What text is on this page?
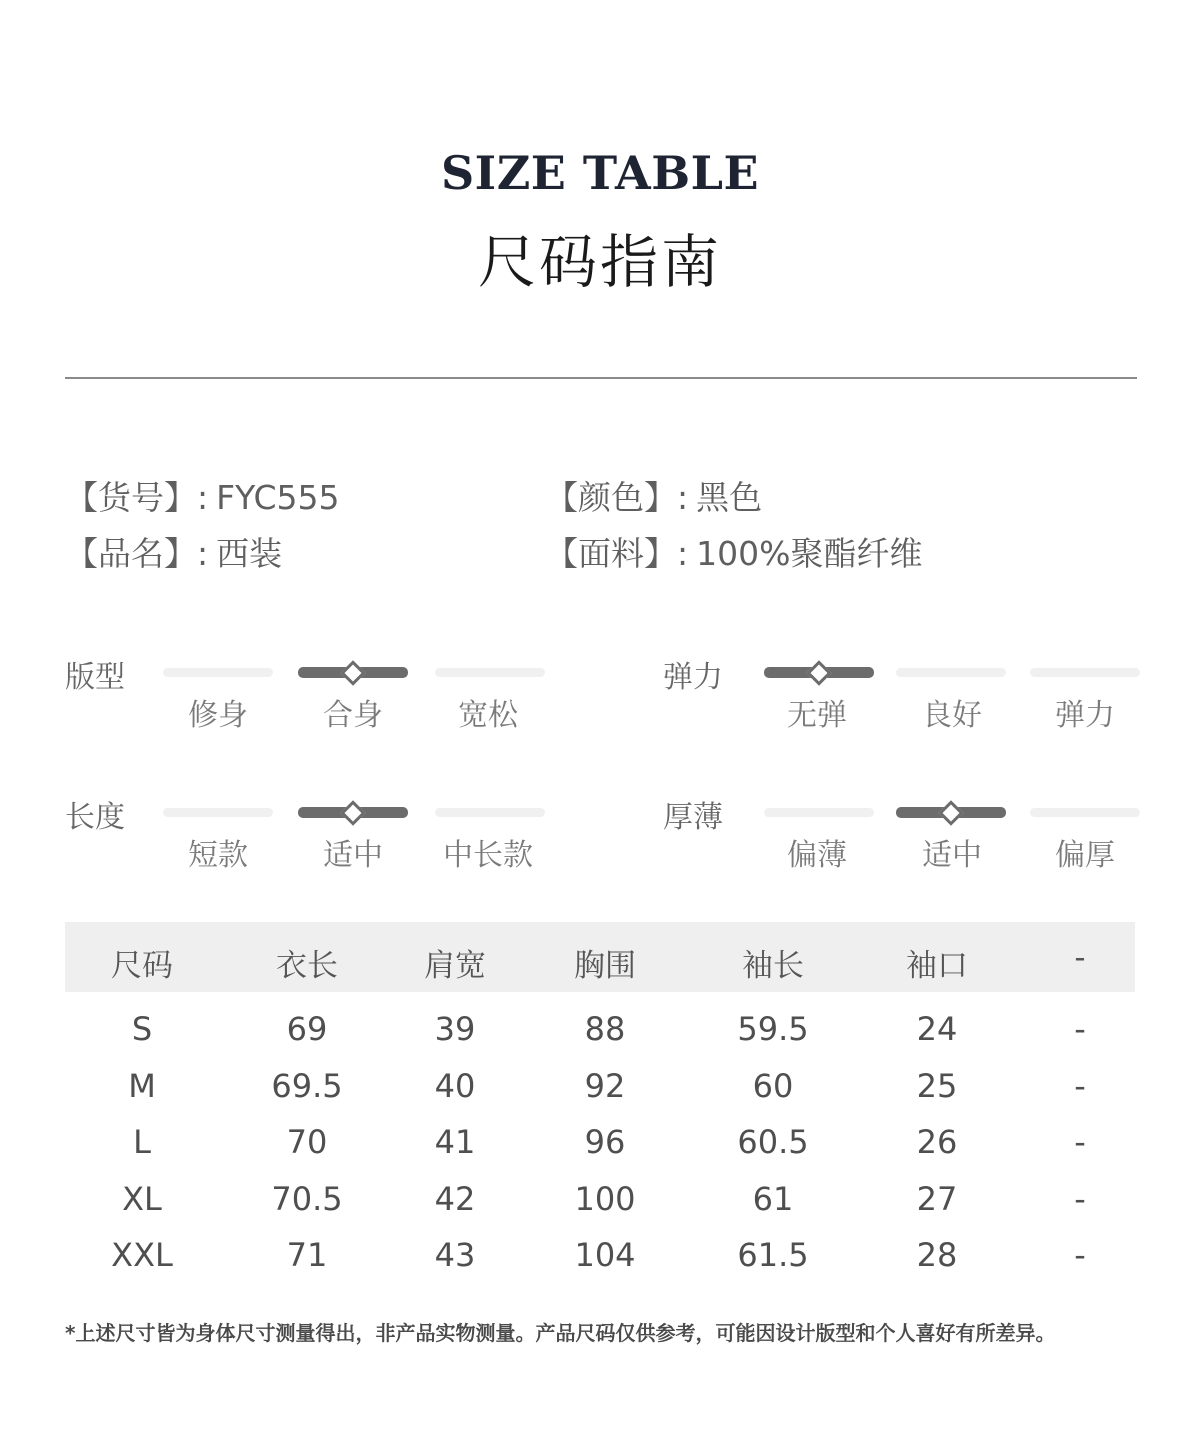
SIZE TABLE
尺码指南
【货号】: FYC555	【颜色】: 黑色
【品名】: 西装	【面料】: 100%聚酯纤维
版型
修身	合身	宽松
弹力
无弹	良好	弹力
长度
短款	适中	中长款
厚薄
偏薄	适中	偏厚
尺码	衣长	肩宽	胸围	袖长	袖口	-
S	69	39	88	59.5	24	-
M	69.5	40	92	60	25	-
L	70	41	96	60.5	26	-
XL	70.5	42	100	61	27	-
XXL	71	43	104	61.5	28	-
*上述尺寸皆为身体尺寸测量得出，非产品实物测量。产品尺码仅供参考，可能因设计版型和个人喜好有所差异。
